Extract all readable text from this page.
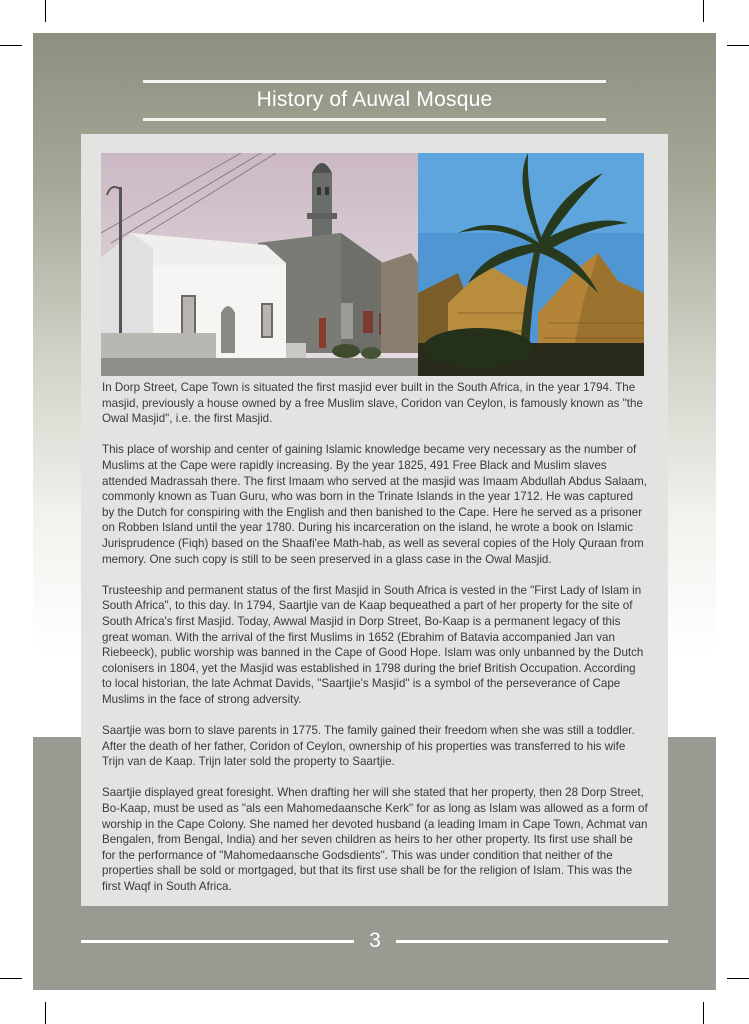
History of Auwal Mosque

In Dorp Street, Cape Town is situated the first masjid ever built in the South Africa, in the year 1794. The masjid, previously a house owned by a free Muslim slave, Coridon van Ceylon, is famously known as "the Owal Masjid", i.e. the first Masjid.

This place of worship and center of gaining Islamic knowledge became very necessary as the number of Muslims at the Cape were rapidly increasing. By the year 1825, 491 Free Black and Muslim slaves attended Madrassah there. The first Imaam who served at the masjid was Imaam Abdullah Abdus Salaam, commonly known as Tuan Guru, who was born in the Trinate Islands in the year 1712. He was captured by the Dutch for conspiring with the English and then banished to the Cape. Here he served as a prisoner on Robben Island until the year 1780. During his incarceration on the island, he wrote a book on Islamic Jurisprudence (Fiqh) based on the Shaafi'ee Math-hab, as well as several copies of the Holy Quraan from memory. One such copy is still to be seen preserved in a glass case in the Owal Masjid.

Trusteeship and permanent status of the first Masjid in South Africa is vested in the "First Lady of Islam in South Africa", to this day. In 1794, Saartjie van de Kaap bequeathed a part of her property for the site of South Africa's first Masjid. Today, Awwal Masjid in Dorp Street, Bo-Kaap is a permanent legacy of this great woman. With the arrival of the first Muslims in 1652 (Ebrahim of Batavia accompanied Jan van Riebeeck), public worship was banned in the Cape of Good Hope. Islam was only unbanned by the Dutch colonisers in 1804, yet the Masjid was established in 1798 during the brief British Occupation. According to local historian, the late Achmat Davids, "Saartjie's Masjid" is a symbol of the perseverance of Cape Muslims in the face of strong adversity.

Saartjie was born to slave parents in 1775. The family gained their freedom when she was still a toddler. After the death of her father, Coridon of Ceylon, ownership of his properties was transferred to his wife Trijn van de Kaap. Trijn later sold the property to Saartjie.

Saartjie displayed great foresight. When drafting her will she stated that her property, then 28 Dorp Street, Bo-Kaap, must be used as "als een Mahomedaansche Kerk" for as long as Islam was allowed as a form of worship in the Cape Colony. She named her devoted husband (a leading Imam in Cape Town, Achmat van Bengalen, from Bengal, India) and her seven children as heirs to her other property. Its first use shall be for the performance of "Mahomedaansche Godsdients". This was under condition that neither of the properties shall be sold or mortgaged, but that its first use shall be for the religion of Islam. This was the first Waqf in South Africa.

3
